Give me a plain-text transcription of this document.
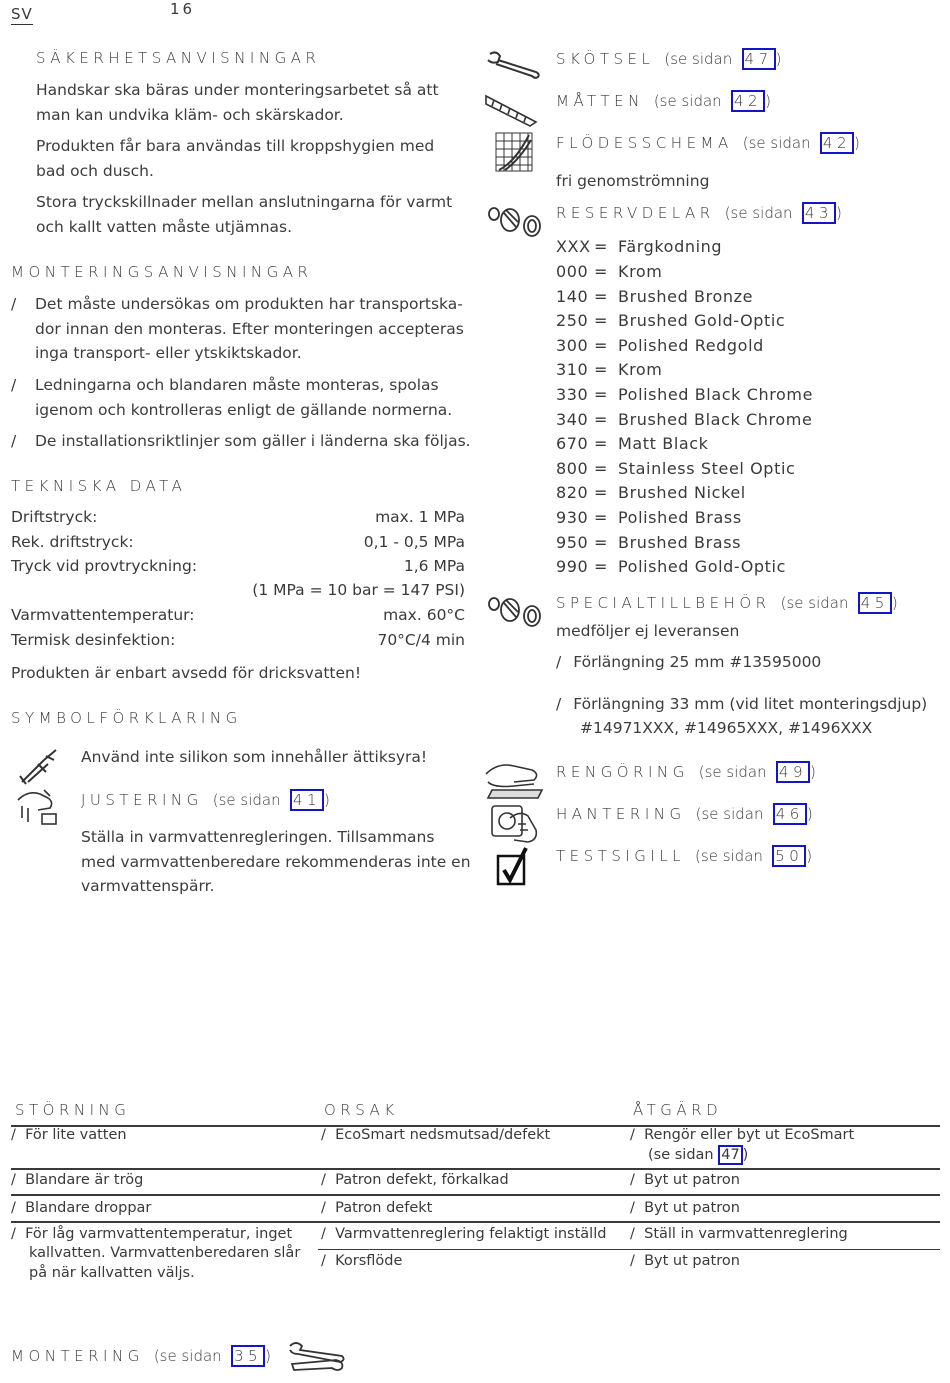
SV	16
SÄKERHETSANVISNINGAR
Handskar ska bäras under monteringsarbetet så att man kan undvika kläm- och skärskador.
Produkten får bara användas till kroppshygien med bad och dusch.
Stora tryckskillnader mellan anslutningarna för varmt och kallt vatten måste utjämnas.
MONTERINGSANVISNINGAR
/	Det måste undersökas om produkten har transportska-dor innan den monteras. Efter monteringen accepteras inga transport- eller ytskiktskador.
/	Ledningarna och blandaren måste monteras, spolas igenom och kontrolleras enligt de gällande normerna.
/	De installationsriktlinjer som gäller i länderna ska följas.
TEKNISKA DATA
Driftstryck:	max. 1 MPa
Rek. driftstryck:	0,1 - 0,5 MPa
Tryck vid provtryckning:	1,6 MPa
(1 MPa = 10 bar = 147 PSI)
Varmvattentemperatur:	max. 60°C
Termisk desinfektion:	70°C/4 min
Produkten är enbart avsedd för dricksvatten!
SYMBOLFÖRKLARING
Använd inte silikon som innehåller ättiksyra!
JUSTERING (se sidan 41 )
Ställa in varmvattenregleringen. Tillsammans med varmvattenberedare rekommenderas inte en varmvattenspärr.
SKÖTSEL (se sidan 47 )
MÅTTEN (se sidan 42 )
FLÖDESSCHEMA (se sidan 42 )
fri genomströmning
RESERVDELAR (se sidan 43 )
XXX = Färgkodning
000 = Krom
140 = Brushed Bronze
250 = Brushed Gold-Optic
300 = Polished Redgold
310 = Krom
330 = Polished Black Chrome
340 = Brushed Black Chrome
670 = Matt Black
800 = Stainless Steel Optic
820 = Brushed Nickel
930 = Polished Brass
950 = Brushed Brass
990 = Polished Gold-Optic
SPECIALTILLBEHÖR (se sidan 45 )
medföljer ej leveransen
/ Förlängning 25 mm #13595000
/ Förlängning 33 mm (vid litet monteringsdjup)
#14971XXX, #14965XXX, #1496XXX
RENGÖRING (se sidan 49 )
HANTERING (se sidan 46 )
TESTSIGILL (se sidan 50 )
STÖRNING	ORSAK	ÅTGÄRD
/ För lite vatten	/ EcoSmart nedsmutsad/defekt	/ Rengör eller byt ut EcoSmart
(se sidan 47 )
/ Blandare är trög	/ Patron defekt, förkalkad	/ Byt ut patron
/ Blandare droppar	/ Patron defekt	/ Byt ut patron
/ För låg varmvattentemperatur, inget
kallvatten. Varmvattenberedaren slår
på när kallvatten väljs.
/ Varmvattenreglering felaktigt inställd / Ställ in varmvattenreglering
/ Korsflöde	/ Byt ut patron
MONTERING (se sidan 35 )
